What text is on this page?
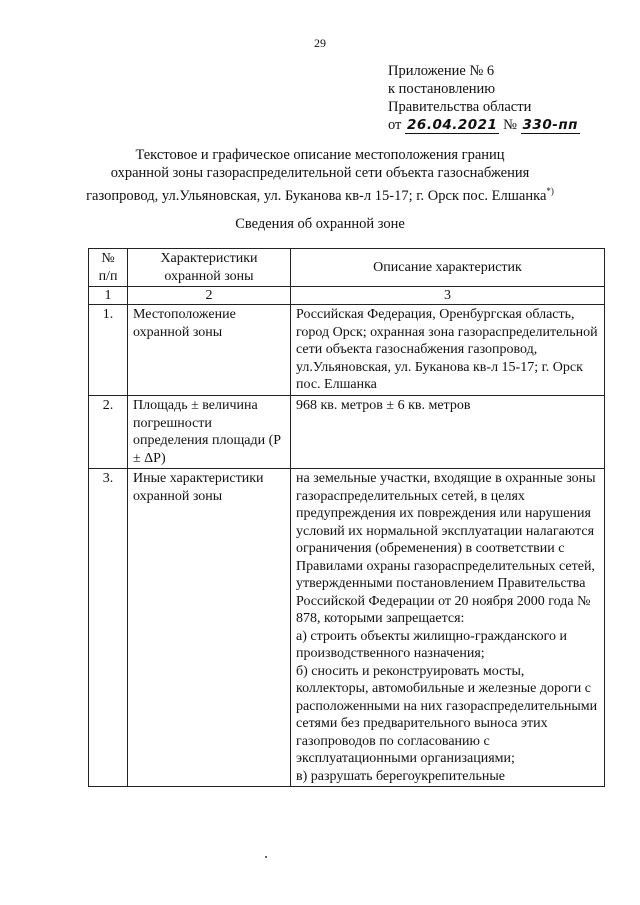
29
Приложение № 6
к постановлению
Правительства области
от 26.04.2021 № 330-пп
Текстовое и графическое описание местоположения границ
охранной зоны газораспределительной сети объекта газоснабжения
газопровод, ул.Ульяновская, ул. Буканова кв-л 15-17; г. Орск пос. Елшанка*)
Сведения об охранной зоне
№ п/п	Характеристики охранной зоны	Описание характеристик
1	2	3
1.	Местоположение охранной зоны	Российская Федерация, Оренбургская область, город Орск; охранная зона газораспределительной сети объекта газоснабжения газопровод, ул.Ульяновская, ул. Буканова кв-л 15-17; г. Орск пос. Елшанка
2.	Площадь ± величина погрешности определения площади (P ± ΔP)	968 кв. метров ± 6 кв. метров
3.	Иные характеристики охранной зоны	на земельные участки, входящие в охранные зоны газораспределительных сетей, в целях предупреждения их повреждения или нарушения условий их нормальной эксплуатации налагаются ограничения (обременения) в соответствии с Правилами охраны газораспределительных сетей, утвержденными постановлением Правительства Российской Федерации от 20 ноября 2000 года № 878, которыми запрещается:

а) строить объекты жилищно-гражданского и производственного назначения;

б) сносить и реконструировать мосты, коллекторы, автомобильные и железные дороги с расположенными на них газораспределительными сетями без предварительного выноса этих газопроводов по согласованию с эксплуатационными организациями;

в) разрушать берегоукрепительные
